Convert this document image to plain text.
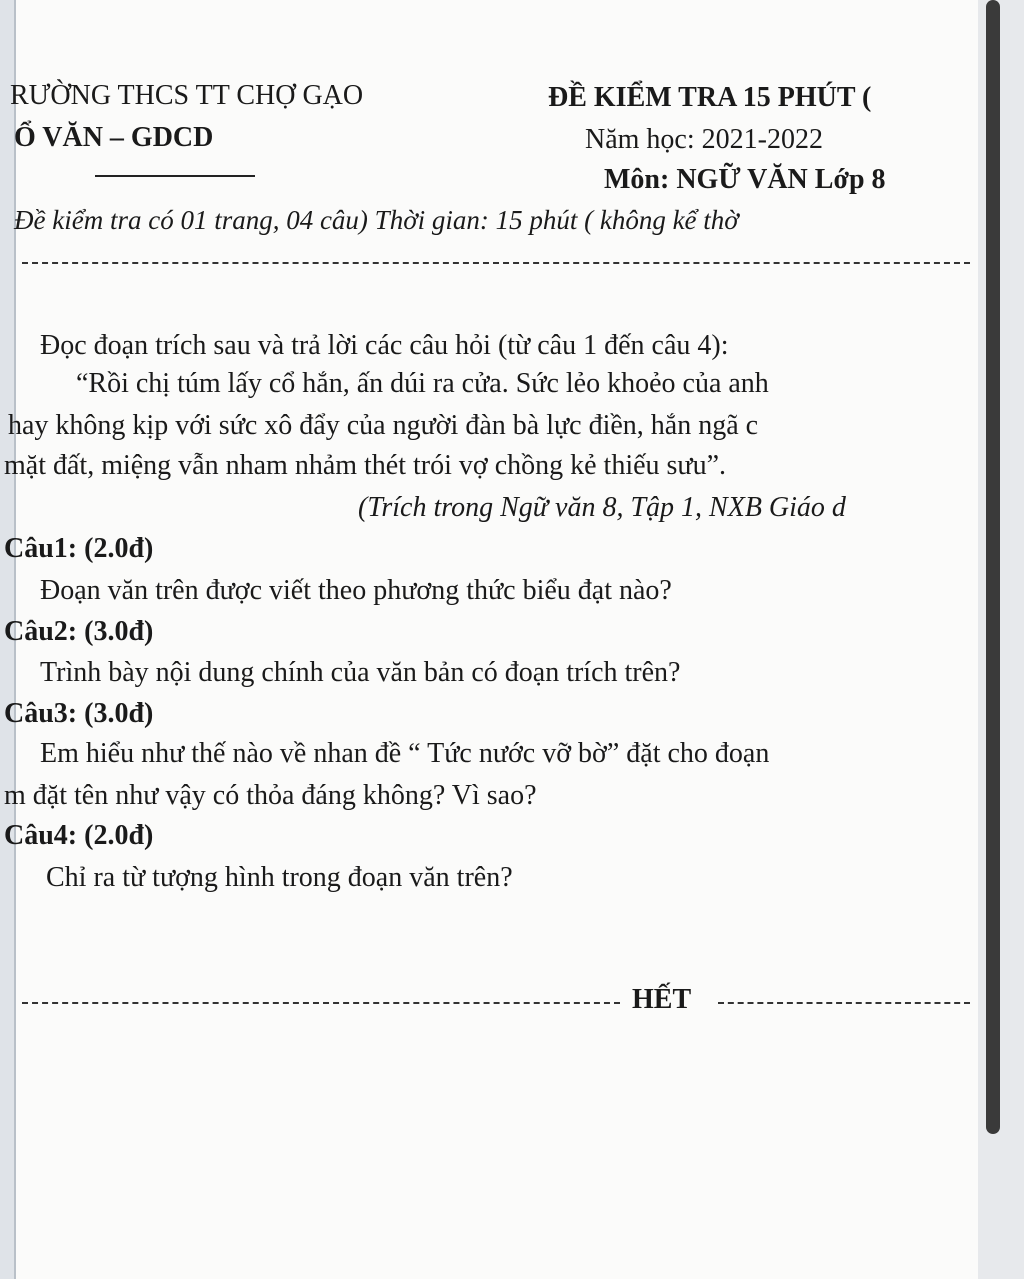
RƯỜNG THCS TT CHỢ GẠO
Ổ VĂN – GDCD
ĐỀ KIỂM TRA 15 PHÚT (
Năm học: 2021-2022
Môn: NGỮ VĂN Lớp 8
Đề kiểm tra có 01 trang, 04 câu) Thời gian: 15 phút ( không kể thờ
Đọc đoạn trích sau và trả lời các câu hỏi (từ câu 1 đến câu 4):
“Rồi chị túm lấy cổ hắn, ấn dúi ra cửa. Sức lẻo khoẻo của anh
hay không kịp với sức xô đẩy của người đàn bà lực điền, hắn ngã c
mặt đất, miệng vẫn nham nhảm thét trói vợ chồng kẻ thiếu sưu”.
(Trích trong Ngữ văn 8, Tập 1, NXB Giáo d
Câu1: (2.0đ)
Đoạn văn trên được viết theo phương thức biểu đạt nào?
Câu2: (3.0đ)
Trình bày nội dung chính của văn bản có đoạn trích trên?
Câu3: (3.0đ)
Em hiểu như thế nào về nhan đề “ Tức nước vỡ bờ” đặt cho đoạn
m đặt tên như vậy có thỏa đáng không? Vì sao?
Câu4: (2.0đ)
Chỉ ra từ tượng hình trong đoạn văn trên?
HẾT
